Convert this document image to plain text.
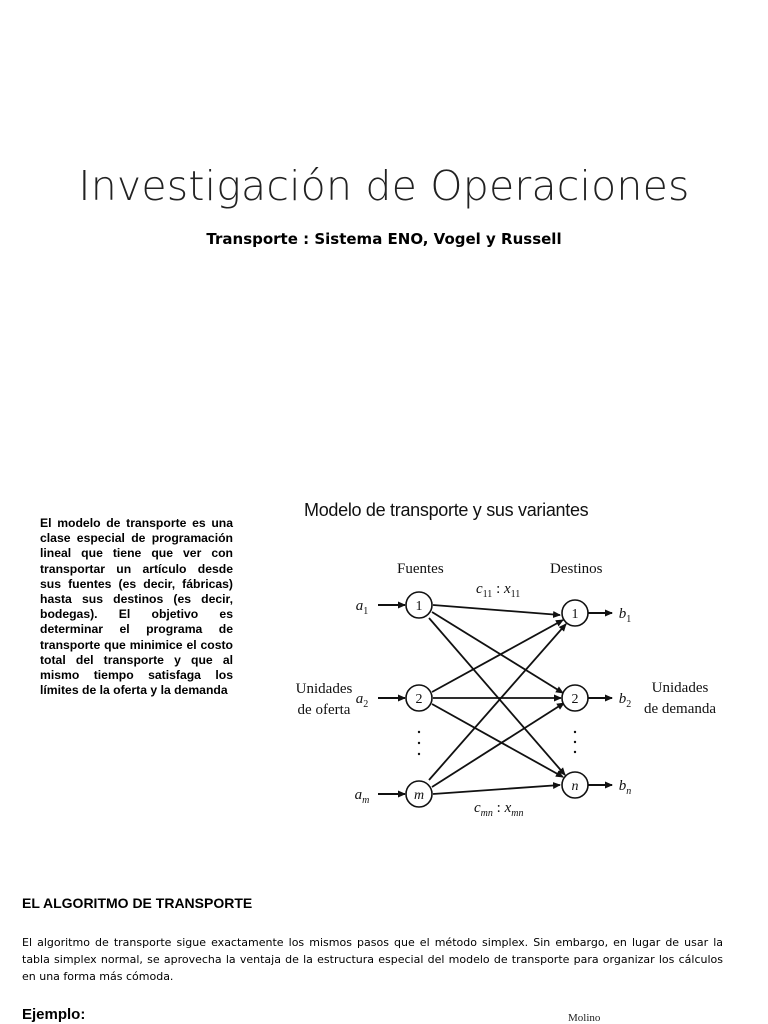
Investigación de Operaciones
Transporte : Sistema ENO, Vogel y Russell
El modelo de transporte es una clase especial de programación lineal que tiene que ver con transportar un artículo desde sus fuentes (es decir, fábricas) hasta sus destinos (es decir, bodegas). El objetivo es determinar el programa de transporte que minimice el costo total del transporte y que al mismo tiempo satisfaga los límites de la oferta y la demanda
Modelo de transporte y sus variantes
Fuentes	Destinos
$c_{11}$ : $x_{11}$
1
2
m
1
2
n
$a_1$
$a_2$
$a_m$
$b_1$
$b_2$
$b_n$
Unidades
de oferta
Unidades
de demanda
$c_{mn}$ : $x_{mn}$
EL ALGORITMO DE TRANSPORTE
El algoritmo de transporte sigue exactamente los mismos pasos que el método simplex. Sin embargo, en lugar de usar la tabla simplex normal, se aprovecha la ventaja de la estructura especial del modelo de transporte para organizar los cálculos en una forma más cómoda.
Ejemplo:	Molino
